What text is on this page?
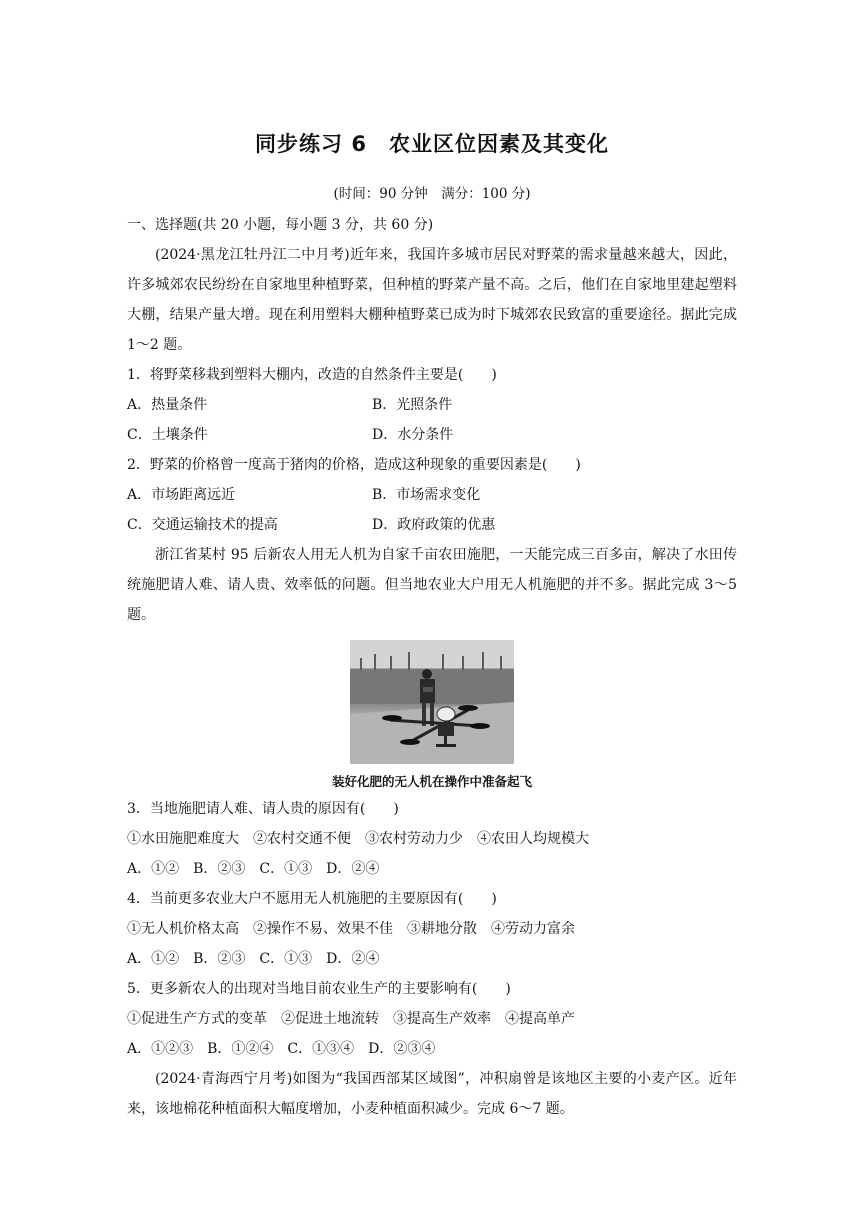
同步练习 6　农业区位因素及其变化
(时间：90 分钟　满分：100 分)

一、选择题(共 20 小题，每小题 3 分，共 60 分)

(2024·黑龙江牡丹江二中月考)近年来，我国许多城市居民对野菜的需求量越来越大，因此，许多城郊农民纷纷在自家地里种植野菜，但种植的野菜产量不高。之后，他们在自家地里建起塑料大棚，结果产量大增。现在利用塑料大棚种植野菜已成为时下城郊农民致富的重要途径。据此完成 1～2 题。

1．将野菜移栽到塑料大棚内，改造的自然条件主要是(　　)

A．热量条件	B．光照条件
C．土壤条件	D．水分条件

2．野菜的价格曾一度高于猪肉的价格，造成这种现象的重要因素是(　　)

A．市场距离远近	B．市场需求变化
C．交通运输技术的提高	D．政府政策的优惠

浙江省某村 95 后新农人用无人机为自家千亩农田施肥，一天能完成三百多亩，解决了水田传统施肥请人难、请人贵、效率低的问题。但当地农业大户用无人机施肥的并不多。据此完成 3～5 题。

装好化肥的无人机在操作中准备起飞

3．当地施肥请人难、请人贵的原因有(　　)

①水田施肥难度大　②农村交通不便　③农村劳动力少　④农田人均规模大

A．①②　B．②③　C．①③　D．②④

4．当前更多农业大户不愿用无人机施肥的主要原因有(　　)

①无人机价格太高　②操作不易、效果不佳　③耕地分散　④劳动力富余

A．①②　B．②③　C．①③　D．②④

5．更多新农人的出现对当地目前农业生产的主要影响有(　　)

①促进生产方式的变革　②促进土地流转　③提高生产效率　④提高单产

A．①②③　B．①②④　C．①③④　D．②③④

(2024·青海西宁月考)如图为“我国西部某区域图”，冲积扇曾是该地区主要的小麦产区。近年来，该地棉花种植面积大幅度增加，小麦种植面积减少。完成 6～7 题。
